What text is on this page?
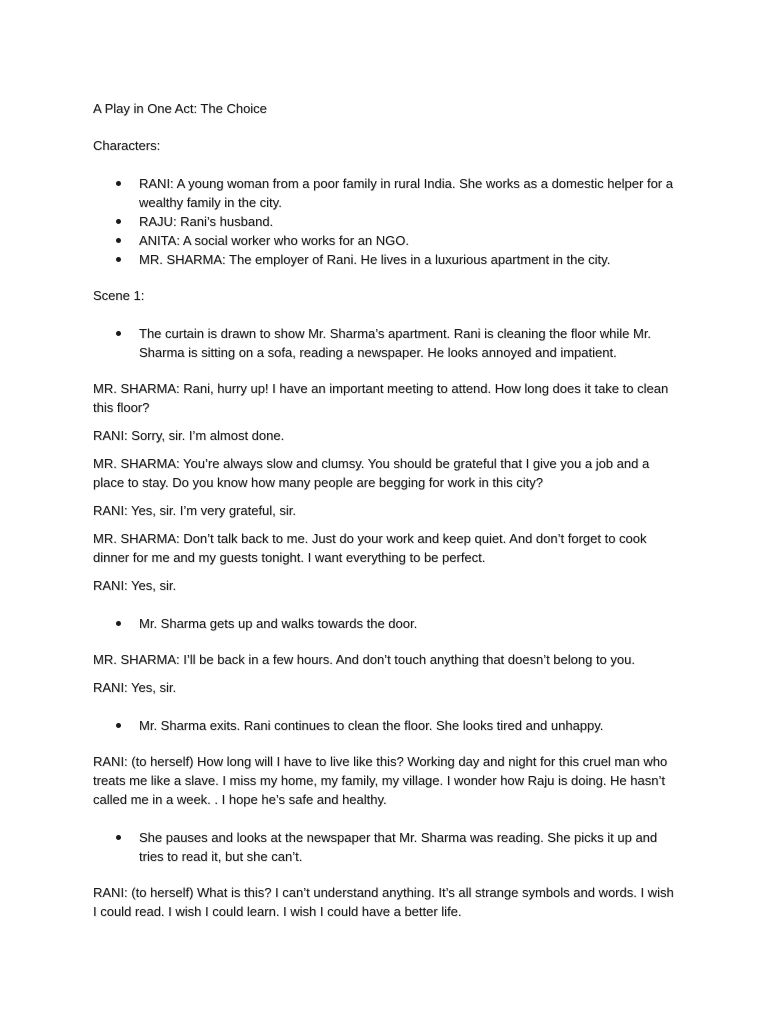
A Play in One Act: The Choice

Characters:

RANI: A young woman from a poor family in rural India. She works as a domestic helper for a wealthy family in the city.
RAJU: Rani’s husband.
ANITA: A social worker who works for an NGO.
MR. SHARMA: The employer of Rani. He lives in a luxurious apartment in the city.

Scene 1:

The curtain is drawn to show Mr. Sharma’s apartment. Rani is cleaning the floor while Mr. Sharma is sitting on a sofa, reading a newspaper. He looks annoyed and impatient.

MR. SHARMA: Rani, hurry up! I have an important meeting to attend. How long does it take to clean this floor?

RANI: Sorry, sir. I’m almost done.

MR. SHARMA: You’re always slow and clumsy. You should be grateful that I give you a job and a place to stay. Do you know how many people are begging for work in this city?

RANI: Yes, sir. I’m very grateful, sir.

MR. SHARMA: Don’t talk back to me. Just do your work and keep quiet. And don’t forget to cook dinner for me and my guests tonight. I want everything to be perfect.

RANI: Yes, sir.

Mr. Sharma gets up and walks towards the door.

MR. SHARMA: I’ll be back in a few hours. And don’t touch anything that doesn’t belong to you.

RANI: Yes, sir.

Mr. Sharma exits. Rani continues to clean the floor. She looks tired and unhappy.

RANI: (to herself) How long will I have to live like this? Working day and night for this cruel man who treats me like a slave. I miss my home, my family, my village. I wonder how Raju is doing. He hasn’t called me in a week. . I hope he’s safe and healthy.

She pauses and looks at the newspaper that Mr. Sharma was reading. She picks it up and tries to read it, but she can’t.

RANI: (to herself) What is this? I can’t understand anything. It’s all strange symbols and words. I wish I could read. I wish I could learn. I wish I could have a better life.
